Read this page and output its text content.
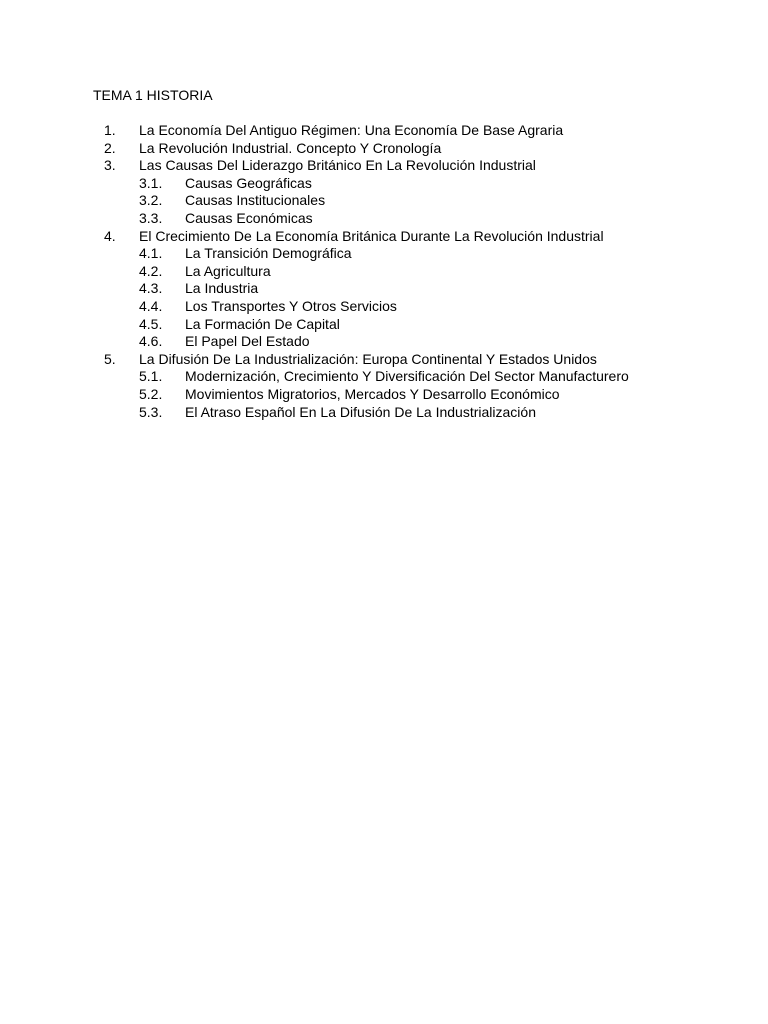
TEMA 1 HISTORIA
1. La Economía Del Antiguo Régimen: Una Economía De Base Agraria
2. La Revolución Industrial. Concepto Y Cronología
3. Las Causas Del Liderazgo Británico En La Revolución Industrial
3.1. Causas Geográficas
3.2. Causas Institucionales
3.3. Causas Económicas
4. El Crecimiento De La Economía Británica Durante La Revolución Industrial
4.1. La Transición Demográfica
4.2. La Agricultura
4.3. La Industria
4.4. Los Transportes Y Otros Servicios
4.5. La Formación De Capital
4.6. El Papel Del Estado
5. La Difusión De La Industrialización: Europa Continental Y Estados Unidos
5.1. Modernización, Crecimiento Y Diversificación Del Sector Manufacturero
5.2. Movimientos Migratorios, Mercados Y Desarrollo Económico
5.3. El Atraso Español En La Difusión De La Industrialización
